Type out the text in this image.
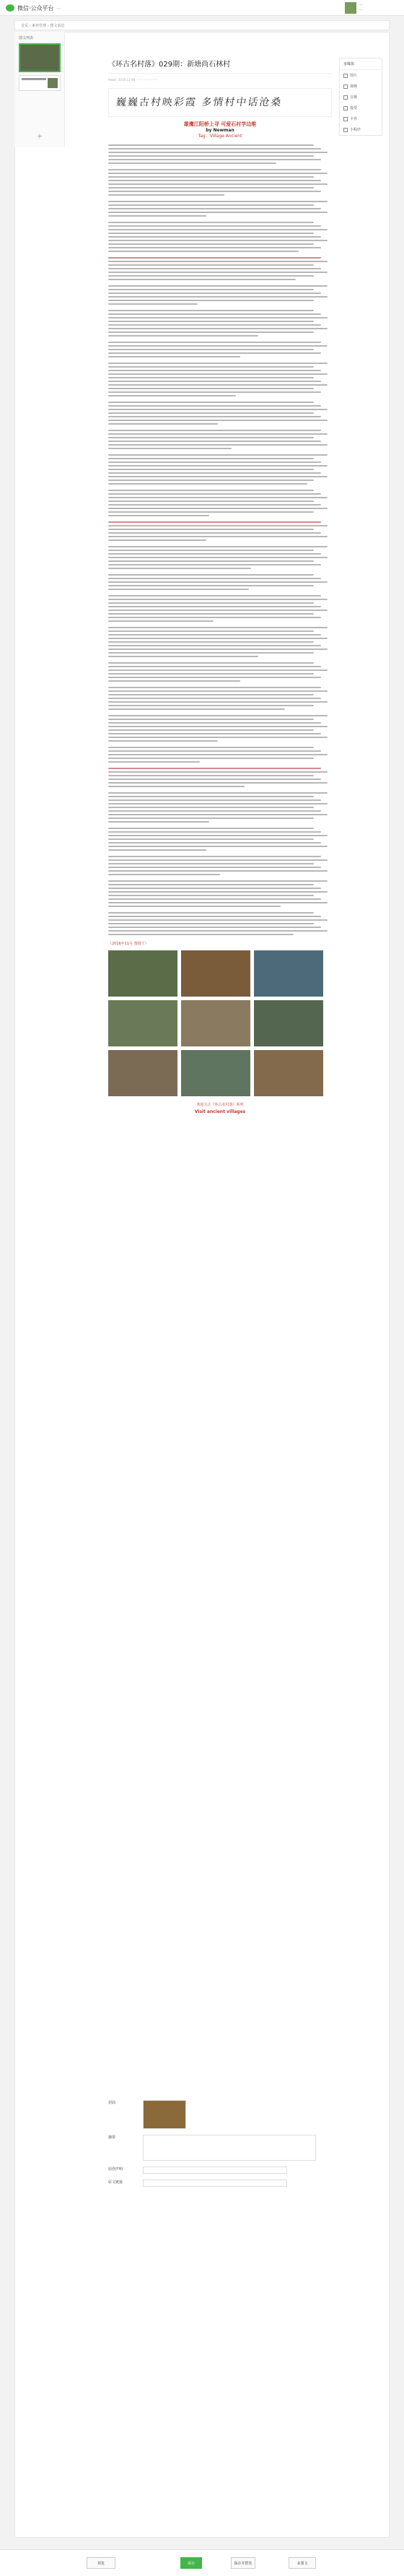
微信·公众平台 ···
···
···
首页 › 素材管理 › 图文消息
图文列表
+
《环古名村落》029期：新塘尚石林村
Read · 2016-11-08 · ······················
巍巍古村映彩霞 多情村中话沧桑
雄鹰江阳桥上寻 可爱石村学边维
by Newman
Tag：Village Ancient
（2016年11月 图摄于）
欢迎关注《环古名村落》系列
Visit ancient villages
多媒体
图片
视频
音频
投票
卡券
小程序
封面
摘要
原创声明
原文链接
预览	保存	保存并群发	多图文
